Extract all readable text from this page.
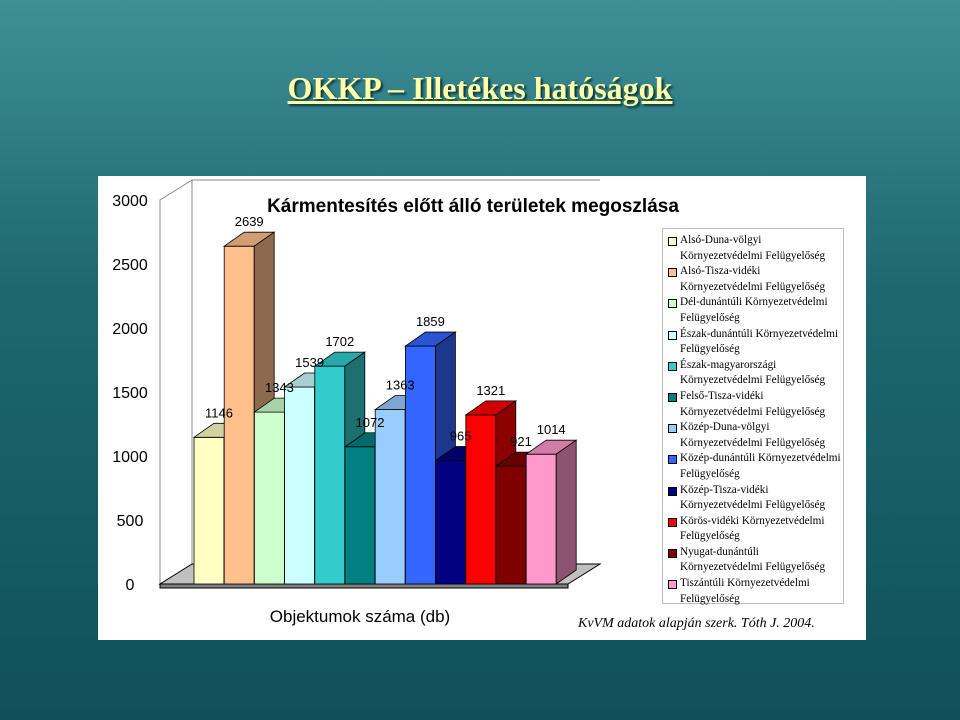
OKKP – Illetékes hatóságok
Kármentesítés előtt álló területek megoszlása
0
500
1000
1500
2000
2500
3000
1146
2639
1343
1539
1702
1072
1363
1859
965
1321
921
1014
Objektumok száma (db)
Alsó-Duna-völgyi Környezetvédelmi Felügyelőség
Alsó-Tisza-vidéki Környezetvédelmi Felügyelőség
Dél-dunántúli Környezetvédelmi Felügyelőség
Észak-dunántúli Környezetvédelmi Felügyelőség
Észak-magyarországi Környezetvédelmi Felügyelőség
Felső-Tisza-vidéki Környezetvédelmi Felügyelőség
Közép-Duna-völgyi Környezetvédelmi Felügyelőség
Közép-dunántúli Környezetvédelmi Felügyelőség
Közép-Tisza-vidéki Környezetvédelmi Felügyelőség
Körös-vidéki Környezetvédelmi Felügyelőség
Nyugat-dunántúli Környezetvédelmi Felügyelőség
Tiszántúli Környezetvédelmi Felügyelőség
KvVM adatok alapján szerk. Tóth J. 2004.
